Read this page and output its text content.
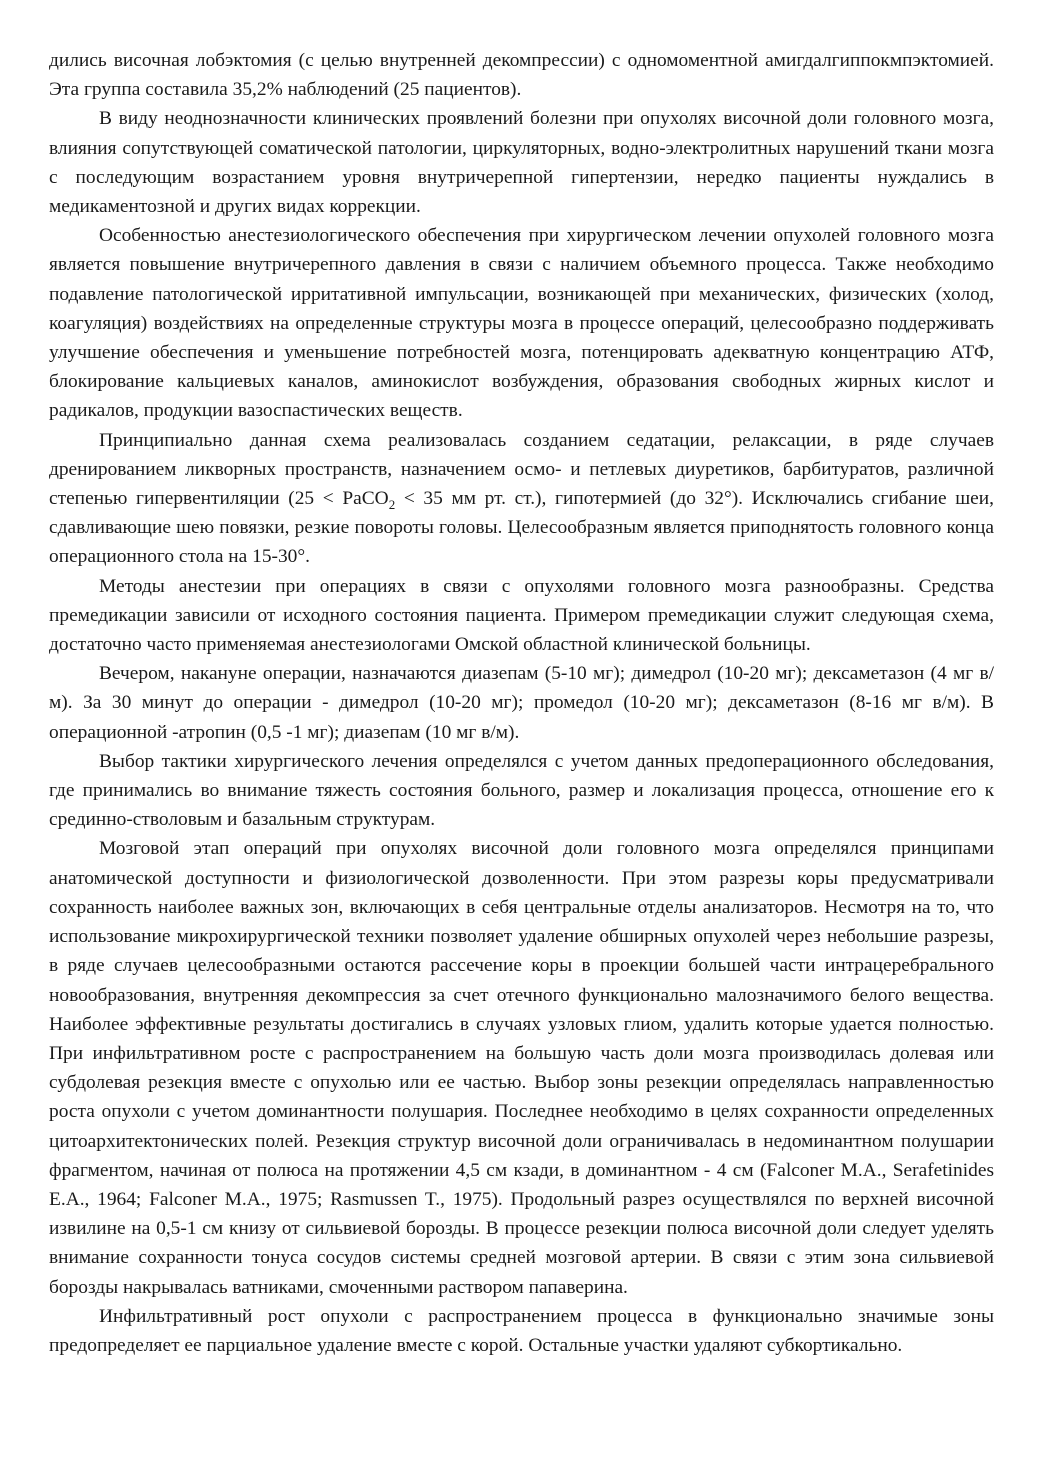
дились височная лобэктомия (с целью внутренней декомпрессии) с одномоментной амигдалгиппокмпэктомией. Эта группа составила 35,2% наблюдений (25 пациентов).

В виду неоднозначности клинических проявлений болезни при опухолях височной доли головного мозга, влияния сопутствующей соматической патологии, циркуляторных, водно-электролитных нарушений ткани мозга с последующим возрастанием уровня внутричерепной гипертензии, нередко пациенты нуждались в медикаментозной и других видах коррекции.

Особенностью анестезиологического обеспечения при хирургическом лечении опухолей головного мозга является повышение внутричерепного давления в связи с наличием объемного процесса. Также необходимо подавление патологической ирритативной импульсации, возникающей при механических, физических (холод, коагуляция) воздействиях на определенные структуры мозга в процессе операций, целесообразно поддерживать улучшение обеспечения и уменьшение потребностей мозга, потенцировать адекватную концентрацию АТФ, блокирование кальциевых каналов, аминокислот возбуждения, образования свободных жирных кислот и радикалов, продукции вазоспастических веществ.

Принципиально данная схема реализовалась созданием седатации, релаксации, в ряде случаев дренированием ликворных пространств, назначением осмо- и петлевых диуретиков, барбитуратов, различной степенью гипервентиляции (25 < PaCO$_2$ < 35 мм рт. ст.), гипотермией (до 32°). Исключались сгибание шеи, сдавливающие шею повязки, резкие повороты головы. Целесообразным является приподнятость головного конца операционного стола на 15-30°.

Методы анестезии при операциях в связи с опухолями головного мозга разнообразны. Средства премедикации зависили от исходного состояния пациента. Примером премедикации служит следующая схема, достаточно часто применяемая анестезиологами Омской областной клинической больницы.

Вечером, накануне операции, назначаются диазепам (5-10 мг); димедрол (10-20 мг); дексаметазон (4 мг в/м). За 30 минут до операции - димедрол (10-20 мг); промедол (10-20 мг); дексаметазон (8-16 мг в/м). В операционной -атропин (0,5 -1 мг); диазепам (10 мг в/м).

Выбор тактики хирургического лечения определялся с учетом данных предоперационного обследования, где принимались во внимание тяжесть состояния больного, размер и локализация процесса, отношение его к срединно-стволовым и базальным структурам.

Мозговой этап операций при опухолях височной доли головного мозга определялся принципами анатомической доступности и физиологической дозволенности. При этом разрезы коры предусматривали сохранность наиболее важных зон, включающих в себя центральные отделы анализаторов. Несмотря на то, что использование микрохирургической техники позволяет удаление обширных опухолей через небольшие разрезы, в ряде случаев целесообразными остаются рассечение коры в проекции большей части интрацеребрального новообразования, внутренняя декомпрессия за счет отечного функционально малозначимого белого вещества. Наиболее эффективные результаты достигались в случаях узловых глиом, удалить которые удается полностью. При инфильтративном росте с распространением на большую часть доли мозга производилась долевая или субдолевая резекция вместе с опухолью или ее частью. Выбор зоны резекции определялась направленностью роста опухоли с учетом доминантности полушария. Последнее необходимо в целях сохранности определенных цитоархитектонических полей. Резекция структур височной доли ограничивалась в недоминантном полушарии фрагментом, начиная от полюса на протяжении 4,5 см кзади, в доминантном - 4 см (Falconer M.A., Serafetinides E.A., 1964; Falconer M.A., 1975; Rasmussen T., 1975). Продольный разрез осуществлялся по верхней височной извилине на 0,5-1 см книзу от сильвиевой борозды. В процессе резекции полюса височной доли следует уделять внимание сохранности тонуса сосудов системы средней мозговой артерии. В связи с этим зона сильвиевой борозды накрывалась ватниками, смоченными раствором папаверина.

Инфильтративный рост опухоли с распространением процесса в функционально значимые зоны предопределяет ее парциальное удаление вместе с корой. Остальные участки удаляют субкортикально.
